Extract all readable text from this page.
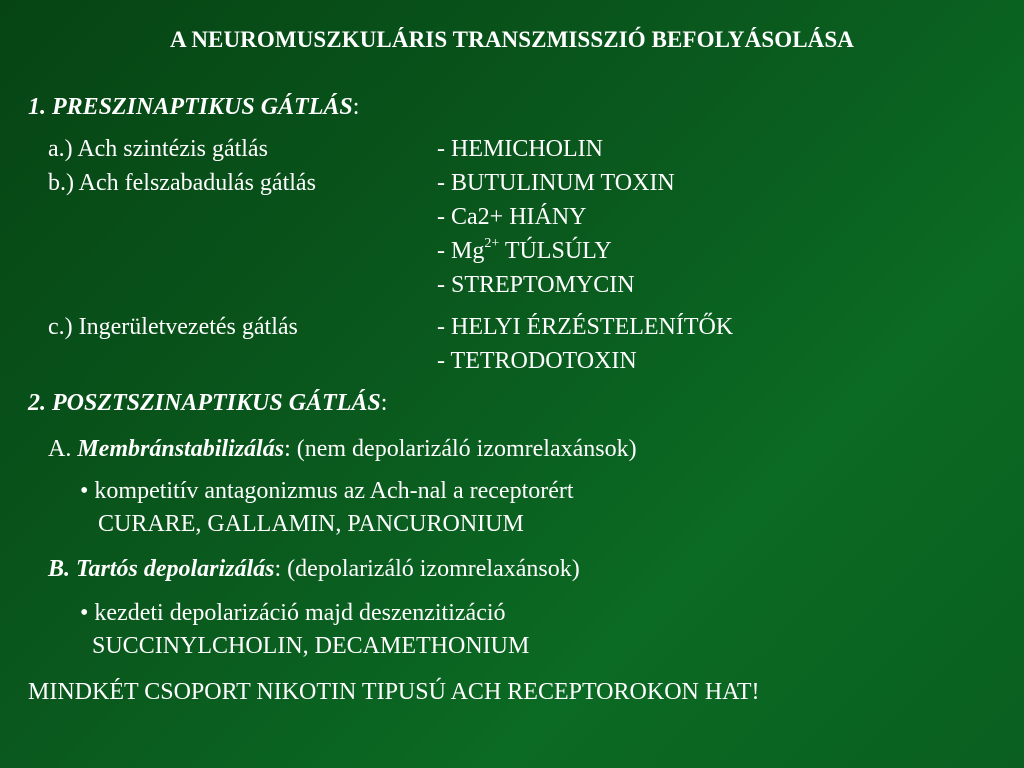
A NEUROMUSZKULÁRIS TRANSZMISSZIÓ BEFOLYÁSOLÁSA
1. PRESZINAPTIKUS GÁTLÁS:
a.) Ach szintézis gátlás	- HEMICHOLIN
b.) Ach felszabadulás gátlás	- BUTULINUM TOXIN
- Ca2+ HIÁNY
- $Mg^{2+}$ TÚLSÚLY
- STREPTOMYCIN
c.) Ingerületvezetés gátlás	- HELYI ÉRZÉSTELENÍTŐK
- TETRODOTOXIN
2. POSZTSZINAPTIKUS GÁTLÁS:
A. Membránstabilizálás: (nem depolarizáló izomrelaxánsok)
• kompetitív antagonizmus az Ach-nal a receptorért
CURARE, GALLAMIN, PANCURONIUM
B. Tartós depolarizálás: (depolarizáló izomrelaxánsok)
• kezdeti depolarizáció majd deszenzitizáció
SUCCINYLCHOLIN, DECAMETHONIUM
MINDKÉT CSOPORT NIKOTIN TIPUSÚ ACH RECEPTOROKON HAT!
